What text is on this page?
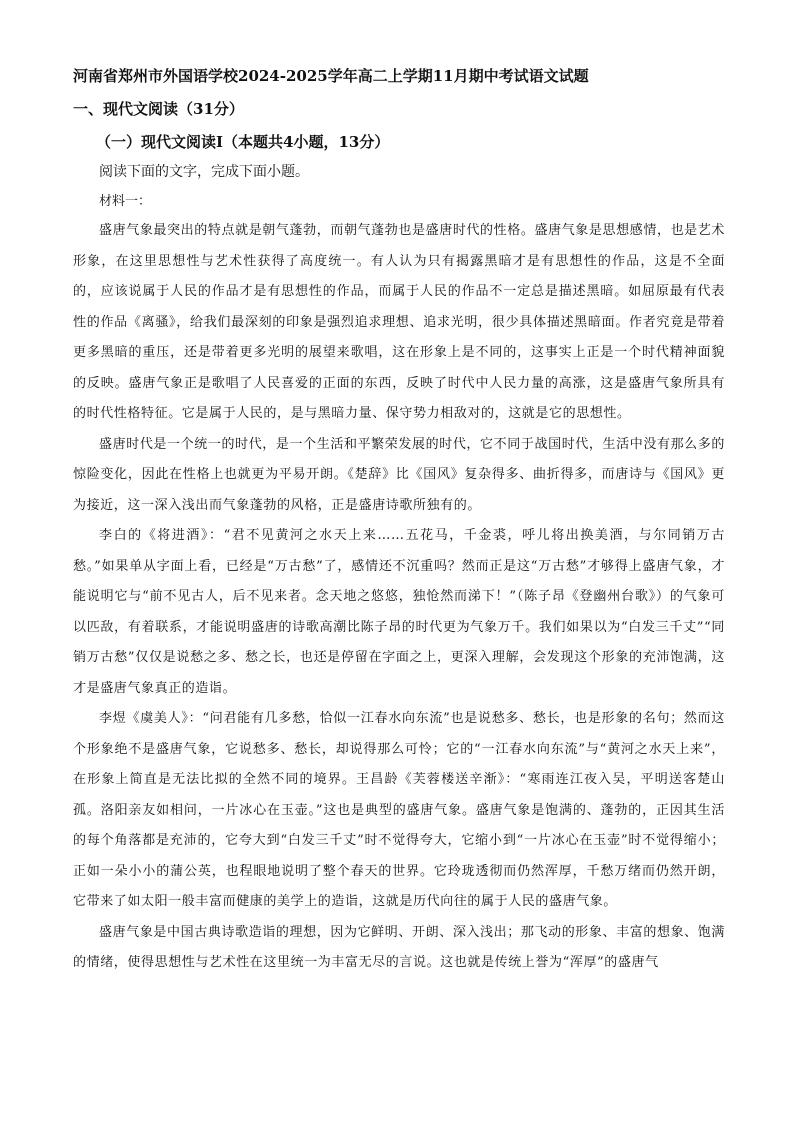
河南省郑州市外国语学校2024-2025学年高二上学期11月期中考试语文试题
一、现代文阅读（31分）
（一）现代文阅读Ⅰ（本题共4小题，13分）
阅读下面的文字，完成下面小题。
材料一：

盛唐气象最突出的特点就是朝气蓬勃，而朝气蓬勃也是盛唐时代的性格。盛唐气象是思想感情，也是艺术形象，在这里思想性与艺术性获得了高度统一。有人认为只有揭露黑暗才是有思想性的作品，这是不全面的，应该说属于人民的作品才是有思想性的作品，而属于人民的作品不一定总是描述黑暗。如屈原最有代表性的作品《离骚》，给我们最深刻的印象是强烈追求理想、追求光明，很少具体描述黑暗面。作者究竟是带着更多黑暗的重压，还是带着更多光明的展望来歌唱，这在形象上是不同的，这事实上正是一个时代精神面貌的反映。盛唐气象正是歌唱了人民喜爱的正面的东西，反映了时代中人民力量的高涨，这是盛唐气象所具有的时代性格特征。它是属于人民的，是与黑暗力量、保守势力相敌对的，这就是它的思想性。

盛唐时代是一个统一的时代，是一个生活和平繁荣发展的时代，它不同于战国时代，生活中没有那么多的惊险变化，因此在性格上也就更为平易开朗。《楚辞》比《国风》复杂得多、曲折得多，而唐诗与《国风》更为接近，这一深入浅出而气象蓬勃的风格，正是盛唐诗歌所独有的。

李白的《将进酒》：“君不见黄河之水天上来……五花马，千金裘，呼儿将出换美酒，与尔同销万古愁。”如果单从字面上看，已经是“万古愁”了，感情还不沉重吗？然而正是这“万古愁”才够得上盛唐气象，才能说明它与“前不见古人，后不见来者。念天地之悠悠，独怆然而涕下！”（陈子昂《登幽州台歌》）的气象可以匹敌，有着联系，才能说明盛唐的诗歌高潮比陈子昂的时代更为气象万千。我们如果以为“白发三千丈”“同销万古愁”仅仅是说愁之多、愁之长，也还是停留在字面之上，更深入理解，会发现这个形象的充沛饱满，这才是盛唐气象真正的造诣。

李煜《虞美人》：“问君能有几多愁，恰似一江春水向东流”也是说愁多、愁长，也是形象的名句；然而这个形象绝不是盛唐气象，它说愁多、愁长，却说得那么可怜；它的“一江春水向东流”与“黄河之水天上来”，在形象上简直是无法比拟的全然不同的境界。王昌龄《芙蓉楼送辛渐》：“寒雨连江夜入吴，平明送客楚山孤。洛阳亲友如相问，一片冰心在玉壶。”这也是典型的盛唐气象。盛唐气象是饱满的、蓬勃的，正因其生活的每个角落都是充沛的，它夸大到“白发三千丈”时不觉得夸大，它缩小到“一片冰心在玉壶”时不觉得缩小；正如一朵小小的蒲公英，也程眼地说明了整个春天的世界。它玲珑透彻而仍然浑厚，千愁万绪而仍然开朗，它带来了如太阳一般丰富而健康的美学上的造诣，这就是历代向往的属于人民的盛唐气象。

盛唐气象是中国古典诗歌造诣的理想，因为它鲜明、开朗、深入浅出；那飞动的形象、丰富的想象、饱满的情绪，使得思想性与艺术性在这里统一为丰富无尽的言说。这也就是传统上誉为“浑厚”的盛唐气
